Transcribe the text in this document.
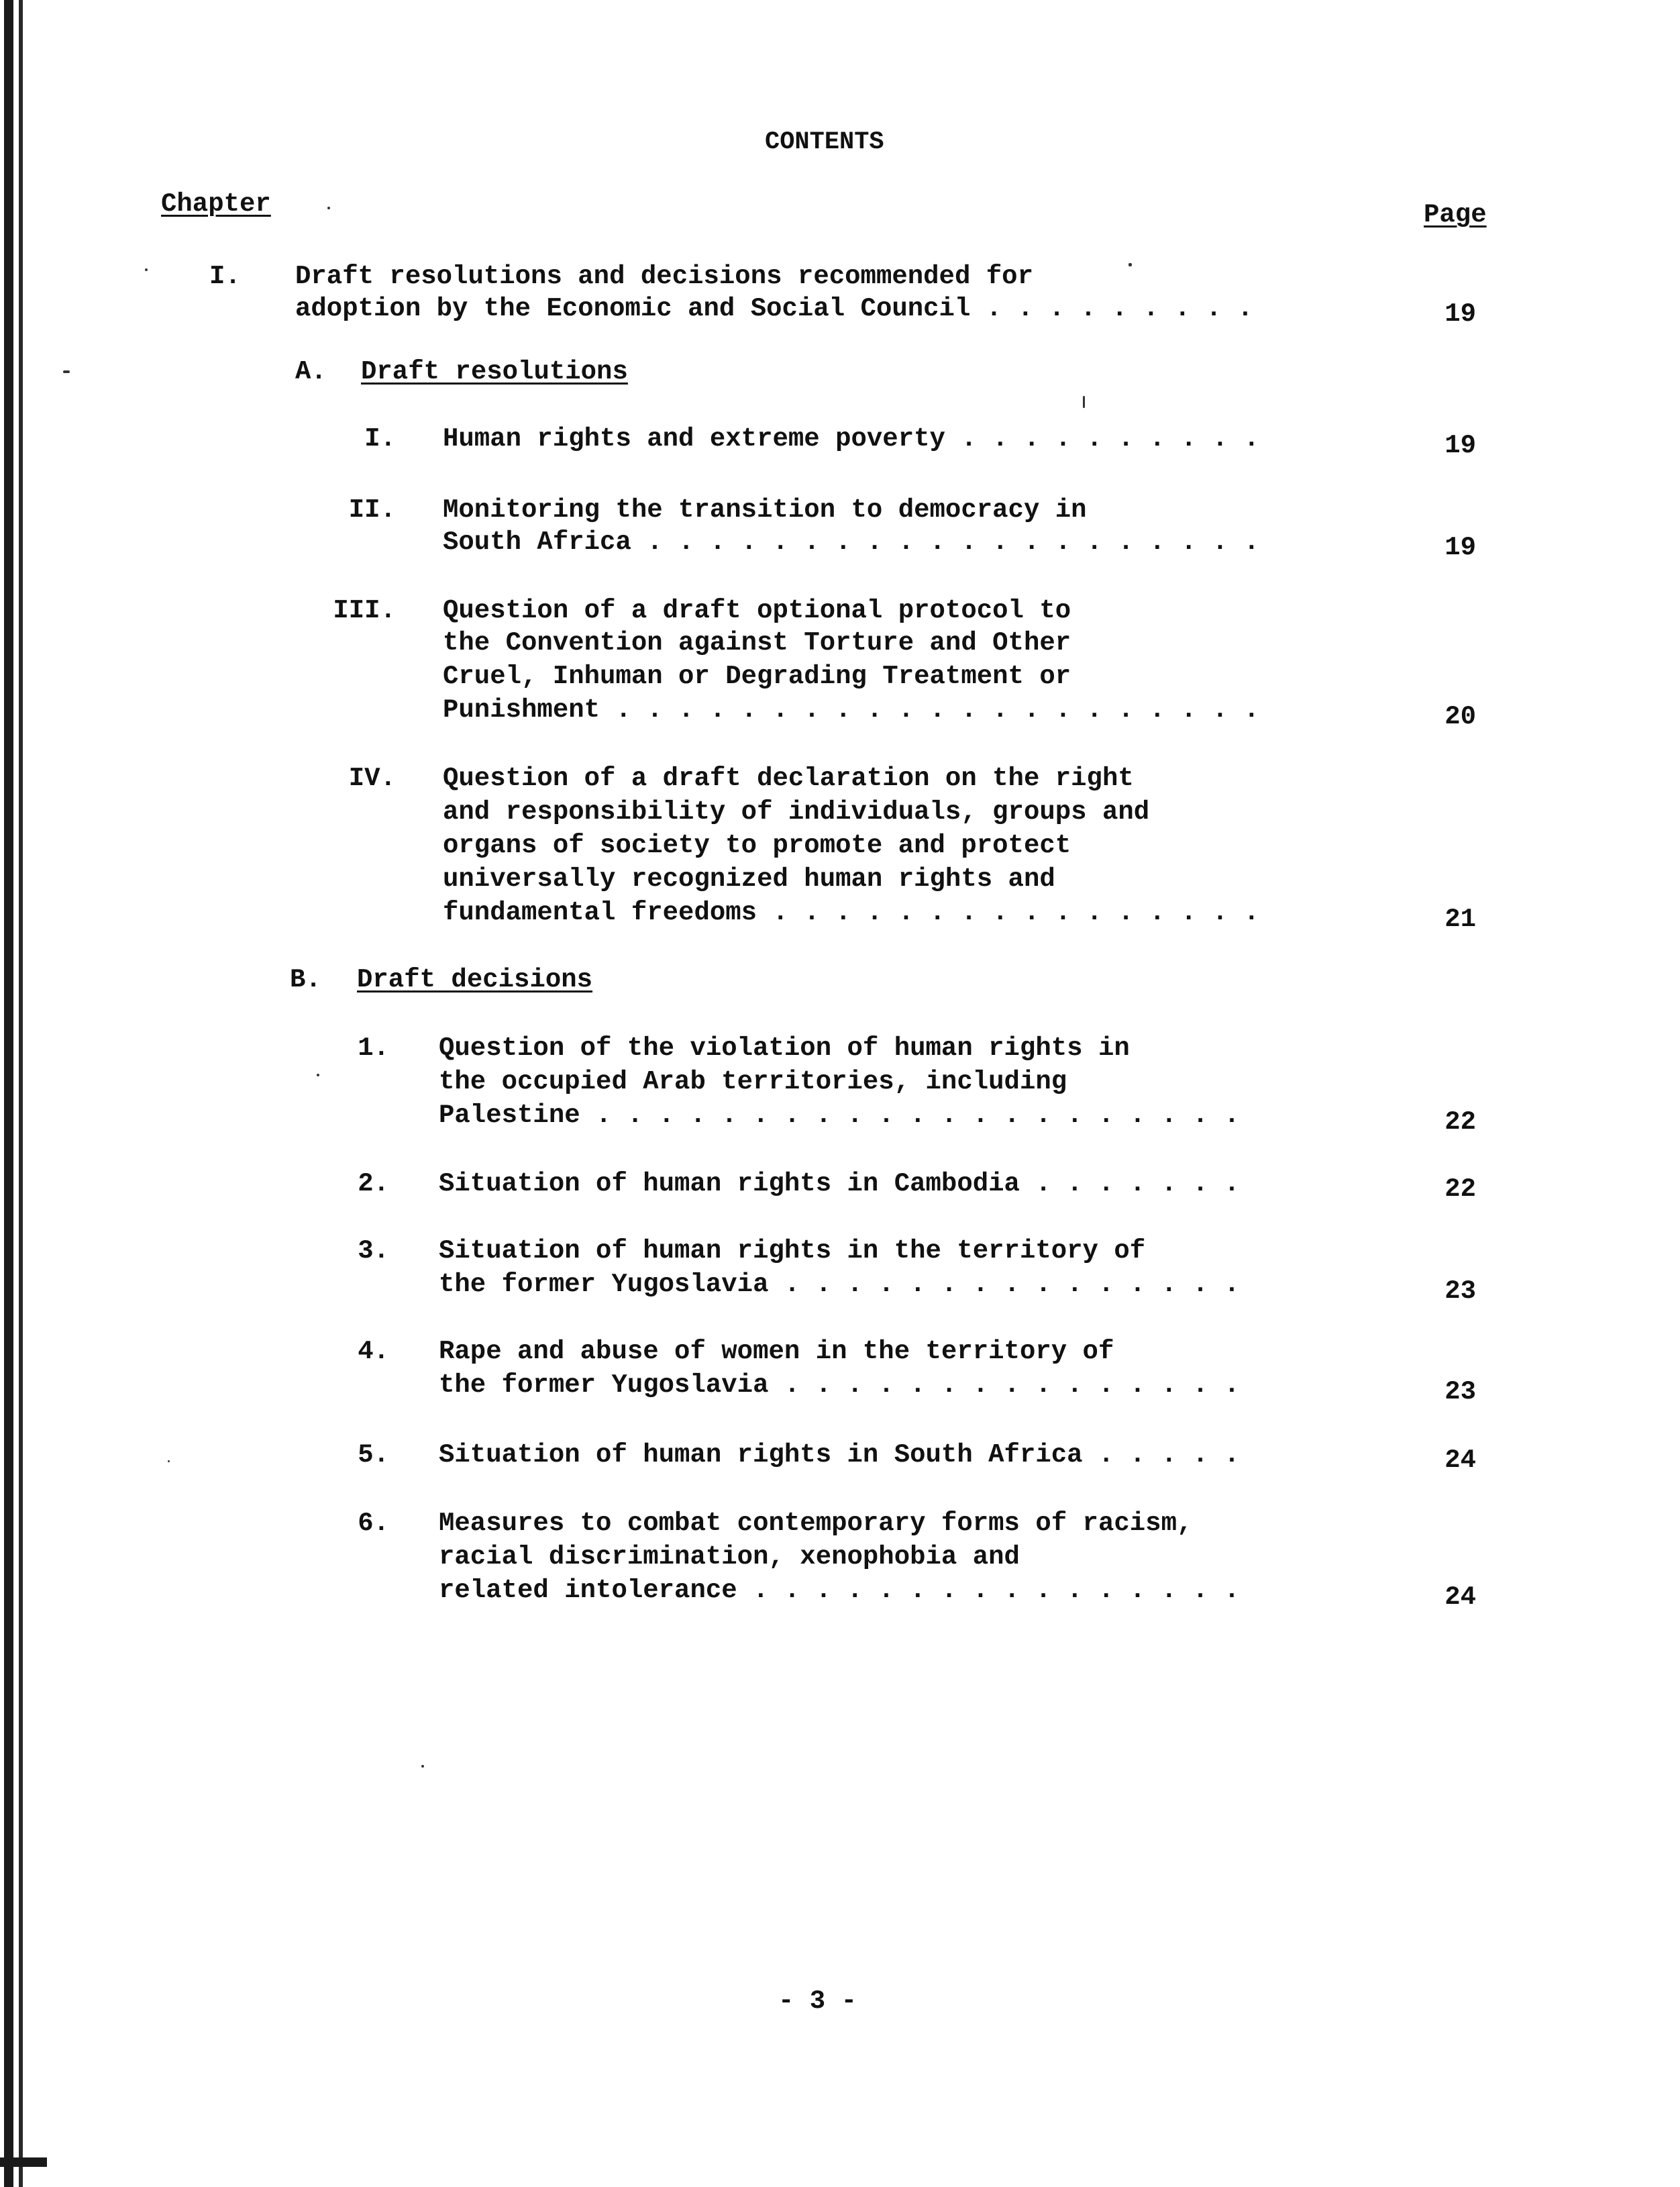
CONTENTS
Chapter	Page
I. Draft resolutions and decisions recommended for
adoption by the Economic and Social Council . . . . . . . . .	19
A. Draft resolutions
I. Human rights and extreme poverty . . . . . . . . . .	19
II. Monitoring the transition to democracy in
South Africa . . . . . . . . . . . . . . . . . . . .	19
III. Question of a draft optional protocol to
the Convention against Torture and Other
Cruel, Inhuman or Degrading Treatment or
Punishment . . . . . . . . . . . . . . . . . . . . .	20
IV. Question of a draft declaration on the right
and responsibility of individuals, groups and
organs of society to promote and protect
universally recognized human rights and
fundamental freedoms . . . . . . . . . . . . . . . .	21
B. Draft decisions
1. Question of the violation of human rights in
the occupied Arab territories, including
Palestine . . . . . . . . . . . . . . . . . . . . .	22
2. Situation of human rights in Cambodia . . . . . . .	22
3. Situation of human rights in the territory of
the former Yugoslavia . . . . . . . . . . . . . . .	23
4. Rape and abuse of women in the territory of
the former Yugoslavia . . . . . . . . . . . . . . .	23
5. Situation of human rights in South Africa . . . . .	24
6. Measures to combat contemporary forms of racism,
racial discrimination, xenophobia and
related intolerance . . . . . . . . . . . . . . . .	24
- 3 -
